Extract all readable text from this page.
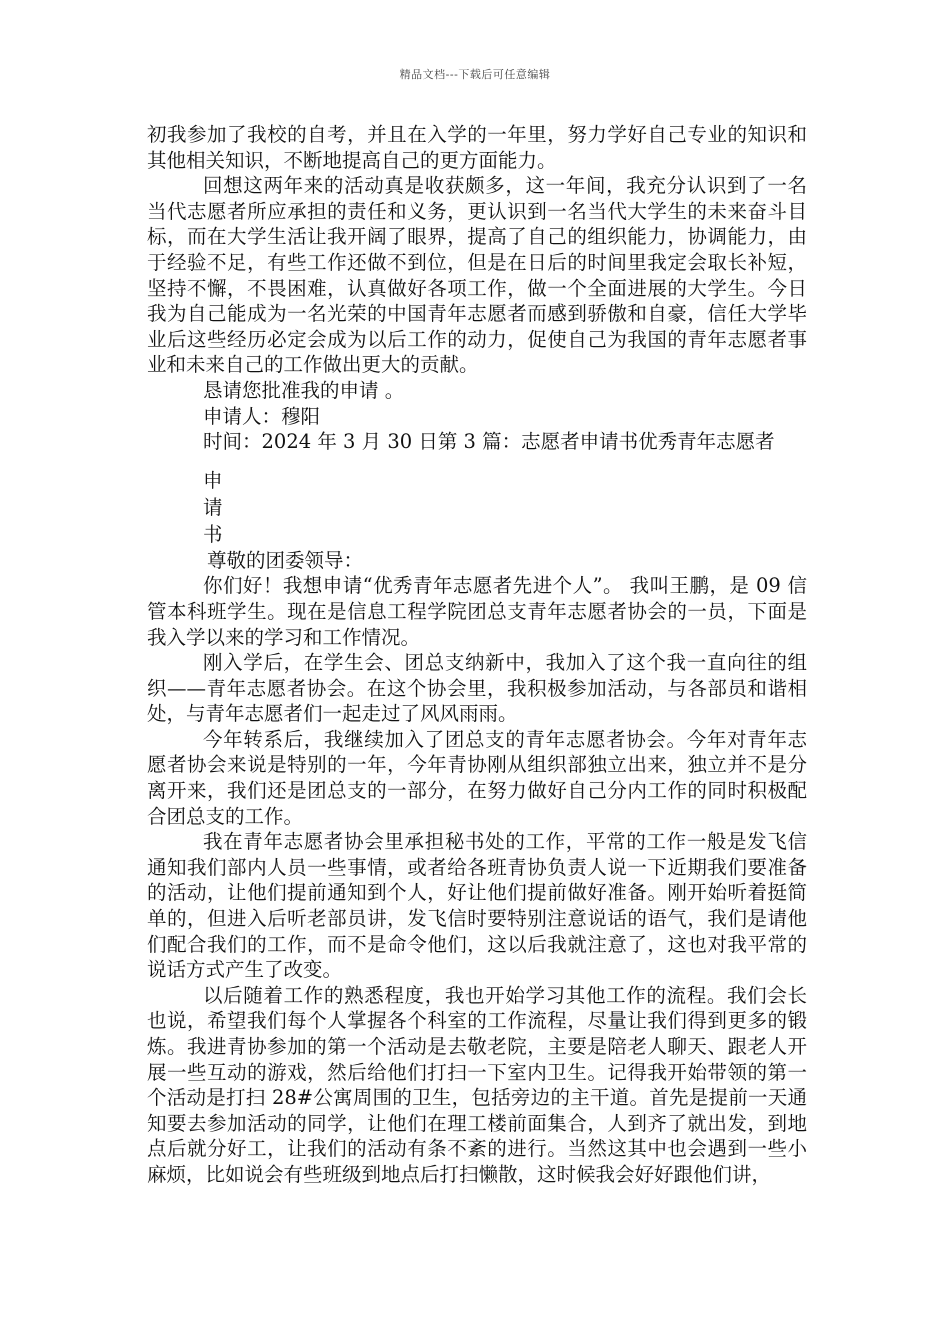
精品文档---下载后可任意编辑

初我参加了我校的自考，并且在入学的一年里，努力学好自己专业的知识和其他相关知识，不断地提高自己的更方面能力。

回想这两年来的活动真是收获颇多，这一年间，我充分认识到了一名当代志愿者所应承担的责任和义务，更认识到一名当代大学生的未来奋斗目标，而在大学生活让我开阔了眼界，提高了自己的组织能力，协调能力，由于经验不足，有些工作还做不到位，但是在日后的时间里我定会取长补短，坚持不懈，不畏困难，认真做好各项工作，做一个全面进展的大学生。今日我为自己能成为一名光荣的中国青年志愿者而感到骄傲和自豪，信任大学毕业后这些经历必定会成为以后工作的动力，促使自己为我国的青年志愿者事业和未来自己的工作做出更大的贡献。

恳请您批准我的申请 。

申请人：穆阳

时间：2024 年 3 月 30 日第 3 篇：志愿者申请书优秀青年志愿者

申
请
书

尊敬的团委领导：

你们好！我想申请“优秀青年志愿者先进个人”。 我叫王鹏，是 09 信管本科班学生。现在是信息工程学院团总支青年志愿者协会的一员，下面是我入学以来的学习和工作情况。

刚入学后，在学生会、团总支纳新中，我加入了这个我一直向往的组织——青年志愿者协会。在这个协会里，我积极参加活动，与各部员和谐相处，与青年志愿者们一起走过了风风雨雨。

今年转系后，我继续加入了团总支的青年志愿者协会。今年对青年志愿者协会来说是特别的一年，今年青协刚从组织部独立出来，独立并不是分离开来，我们还是团总支的一部分，在努力做好自己分内工作的同时积极配合团总支的工作。

我在青年志愿者协会里承担秘书处的工作，平常的工作一般是发飞信通知我们部内人员一些事情，或者给各班青协负责人说一下近期我们要准备的活动，让他们提前通知到个人，好让他们提前做好准备。刚开始听着挺简单的，但进入后听老部员讲，发飞信时要特别注意说话的语气，我们是请他们配合我们的工作，而不是命令他们，这以后我就注意了，这也对我平常的说话方式产生了改变。

以后随着工作的熟悉程度，我也开始学习其他工作的流程。我们会长也说，希望我们每个人掌握各个科室的工作流程，尽量让我们得到更多的锻炼。我进青协参加的第一个活动是去敬老院，主要是陪老人聊天、跟老人开展一些互动的游戏，然后给他们打扫一下室内卫生。记得我开始带领的第一个活动是打扫 28#公寓周围的卫生，包括旁边的主干道。首先是提前一天通知要去参加活动的同学，让他们在理工楼前面集合，人到齐了就出发，到地点后就分好工，让我们的活动有条不紊的进行。当然这其中也会遇到一些小麻烦，比如说会有些班级到地点后打扫懒散，这时候我会好好跟他们讲，
